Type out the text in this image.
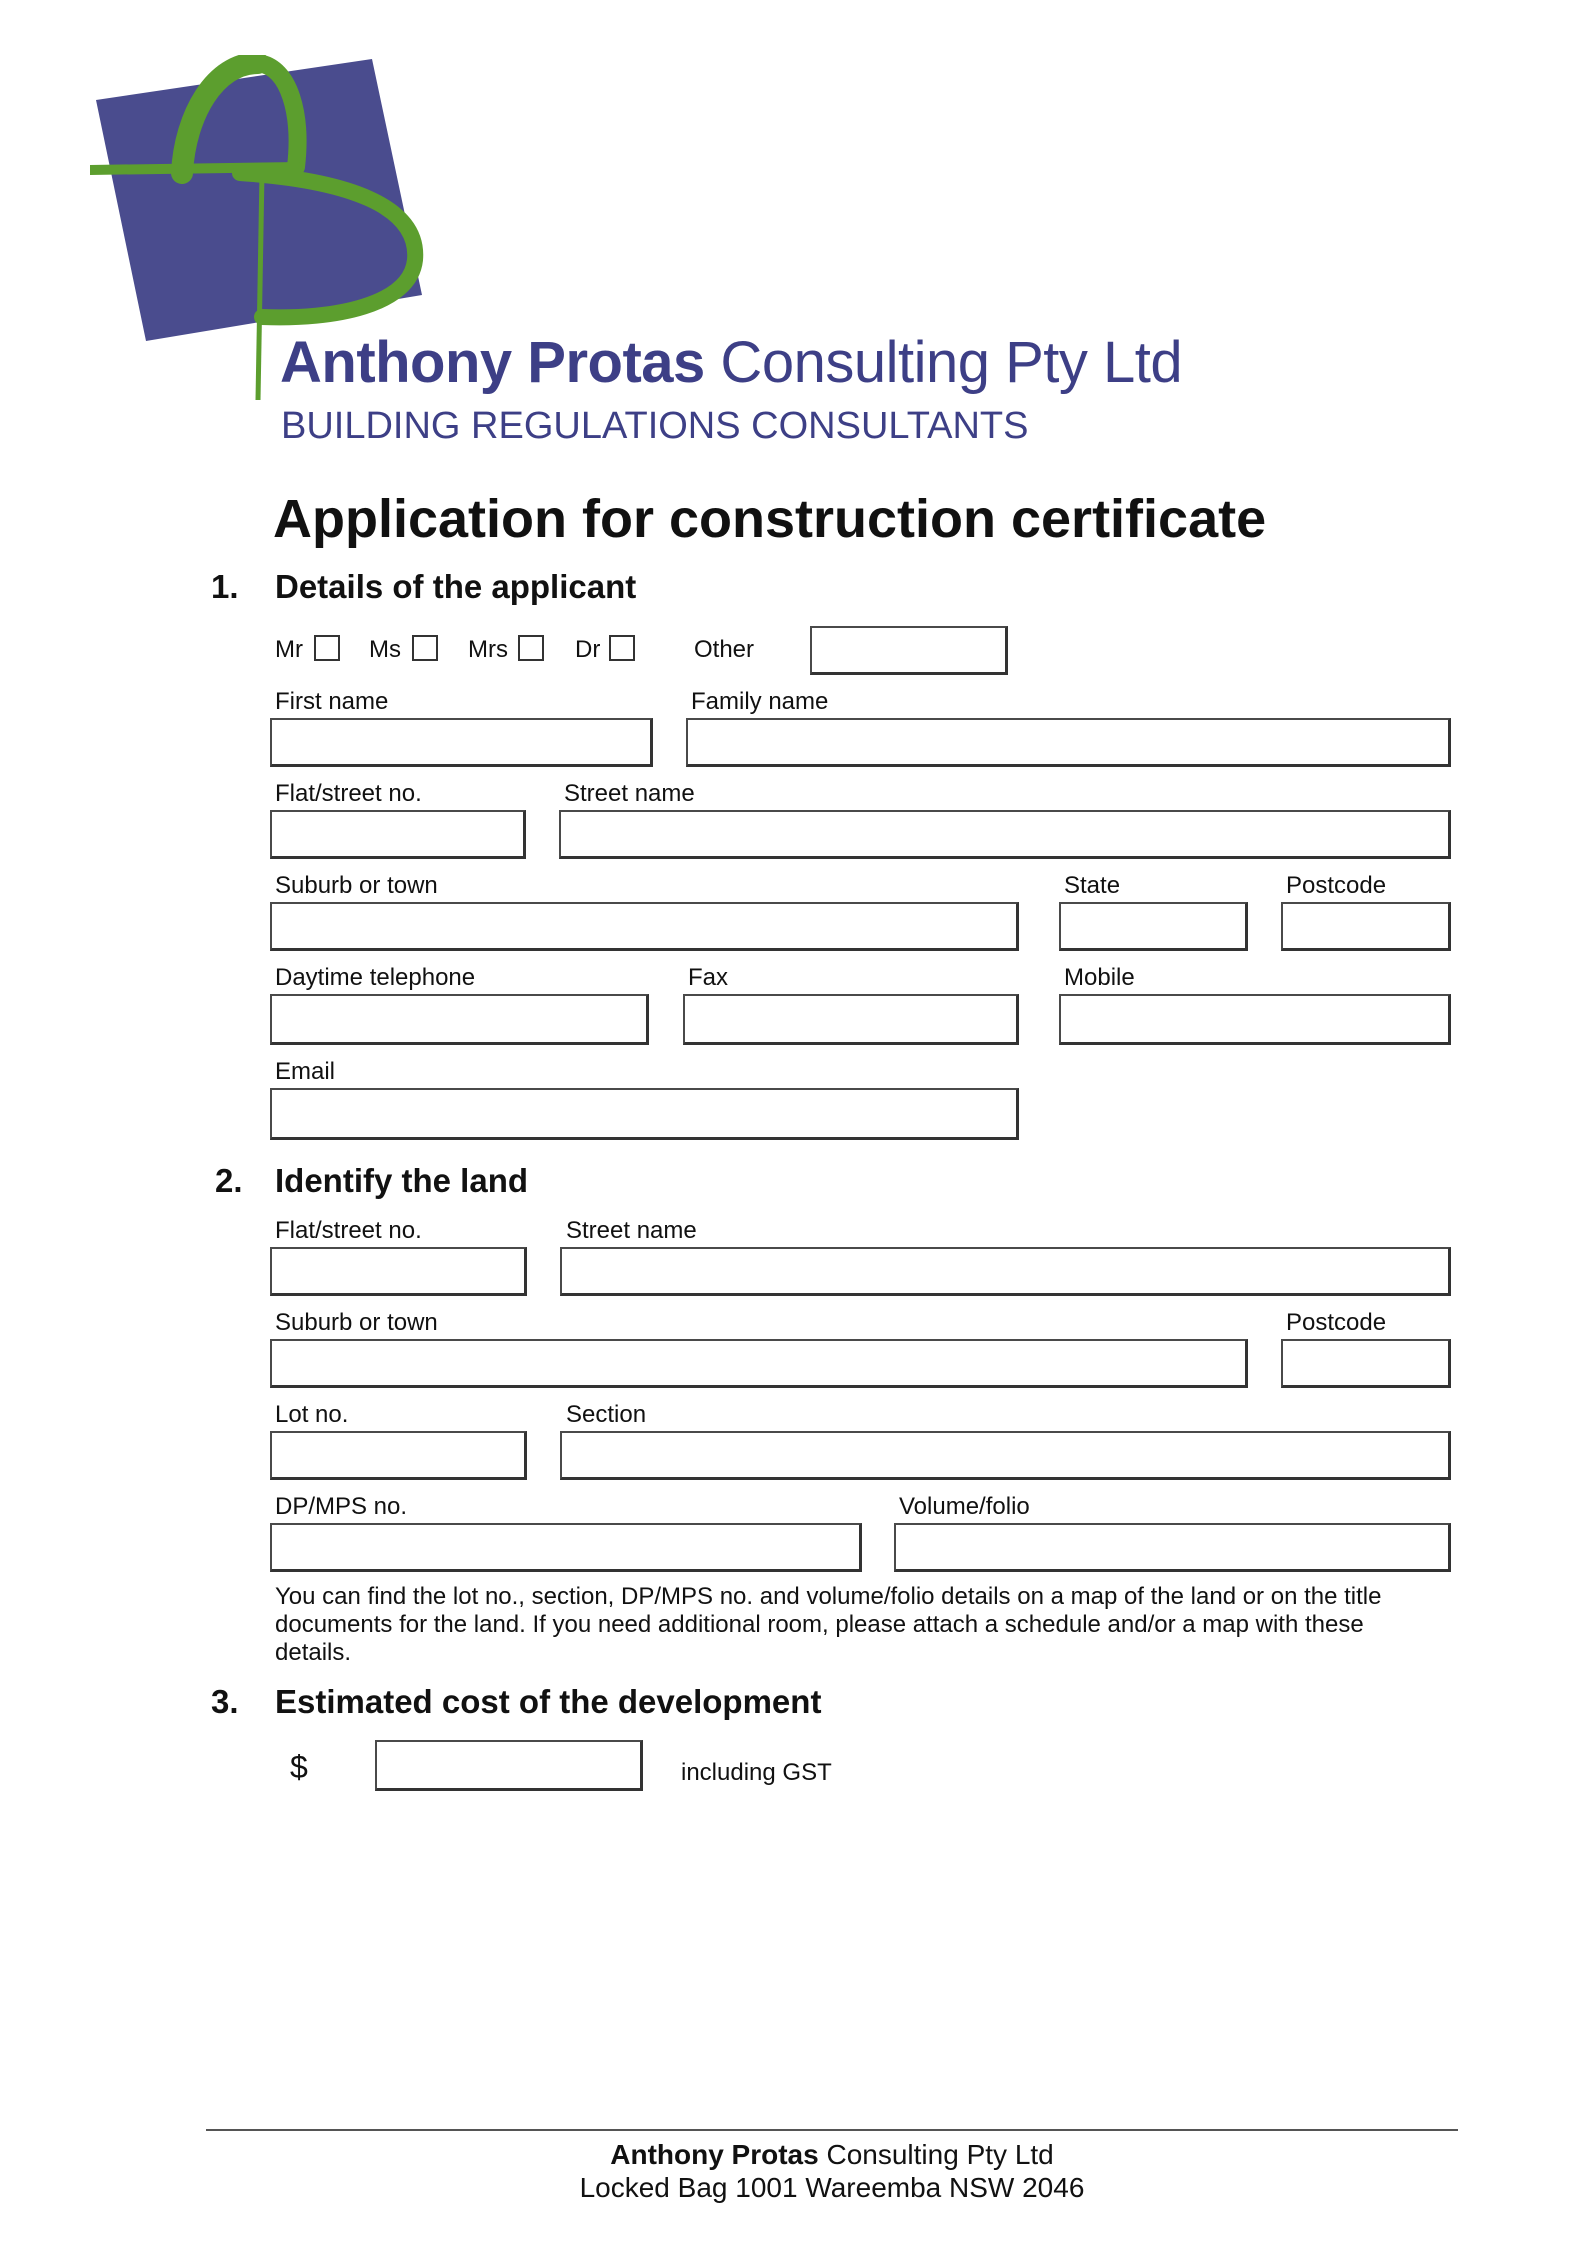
Anthony Protas Consulting Pty Ltd
BUILDING REGULATIONS CONSULTANTS
Application for construction certificate
1. Details of the applicant
Mr	Ms	Mrs	Dr	Other
First name	Family name
Flat/street no.	Street name
Suburb or town	State	Postcode
Daytime telephone	Fax	Mobile
Email
2. Identify the land
Flat/street no.	Street name
Suburb or town	Postcode
Lot no.	Section
DP/MPS no.	Volume/folio
You can find the lot no., section, DP/MPS no. and volume/folio details on a map of the land or on the title documents for the land. If you need additional room, please attach a schedule and/or a map with these details.
3. Estimated cost of the development
$	including GST
Anthony Protas Consulting Pty Ltd
Locked Bag 1001 Wareemba NSW 2046
